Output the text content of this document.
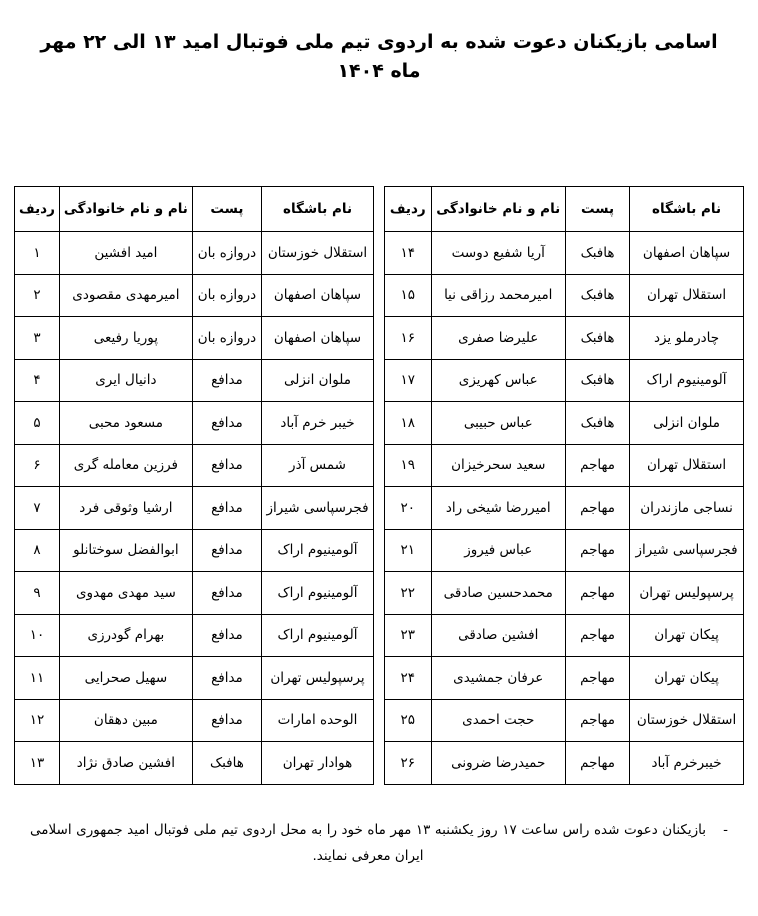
اسامی بازیکنان دعوت شده به اردوی تیم ملی فوتبال امید ۱۳ الی ۲۲ مهر ماه ۱۴۰۴
نام باشگاه	پست	نام و نام خانوادگی	ردیف
سپاهان اصفهان	هافبک	آریا شفیع دوست	۱۴
استقلال تهران	هافبک	امیرمحمد رزاقی نیا	۱۵
چادرملو یزد	هافبک	علیرضا صفری	۱۶
آلومینیوم اراک	هافبک	عباس کهریزی	۱۷
ملوان انزلی	هافبک	عباس حبیبی	۱۸
استقلال تهران	مهاجم	سعید سحرخیزان	۱۹
نساجی مازندران	مهاجم	امیررضا شیخی راد	۲۰
فجرسپاسی شیراز	مهاجم	عباس فیروز	۲۱
پرسپولیس تهران	مهاجم	محمدحسین صادقی	۲۲
پیکان تهران	مهاجم	افشین صادقی	۲۳
پیکان تهران	مهاجم	عرفان جمشیدی	۲۴
استقلال خوزستان	مهاجم	حجت احمدی	۲۵
خیبرخرم آباد	مهاجم	حمیدرضا ضرونی	۲۶
نام باشگاه	پست	نام و نام خانوادگی	ردیف
استقلال خوزستان	دروازه بان	امید افشین	۱
سپاهان اصفهان	دروازه بان	امیرمهدی مقصودی	۲
سپاهان اصفهان	دروازه بان	پوریا رفیعی	۳
ملوان انزلی	مدافع	دانیال ایری	۴
خیبر خرم آباد	مدافع	مسعود محبی	۵
شمس آذر	مدافع	فرزین معامله گری	۶
فجرسپاسی شیراز	مدافع	ارشیا وثوقی فرد	۷
آلومینیوم اراک	مدافع	ابوالفضل سوختانلو	۸
آلومینیوم اراک	مدافع	سید مهدی مهدوی	۹
آلومینیوم اراک	مدافع	بهرام گودرزی	۱۰
پرسپولیس تهران	مدافع	سهیل صحرایی	۱۱
الوحده امارات	مدافع	مبین دهقان	۱۲
هوادار تهران	هافبک	افشین صادق نژاد	۱۳
-
بازیکنان دعوت شده راس ساعت ۱۷ روز یکشنبه ۱۳ مهر ماه خود را به محل اردوی تیم ملی فوتبال امید جمهوری اسلامی ایران معرفی نمایند.
